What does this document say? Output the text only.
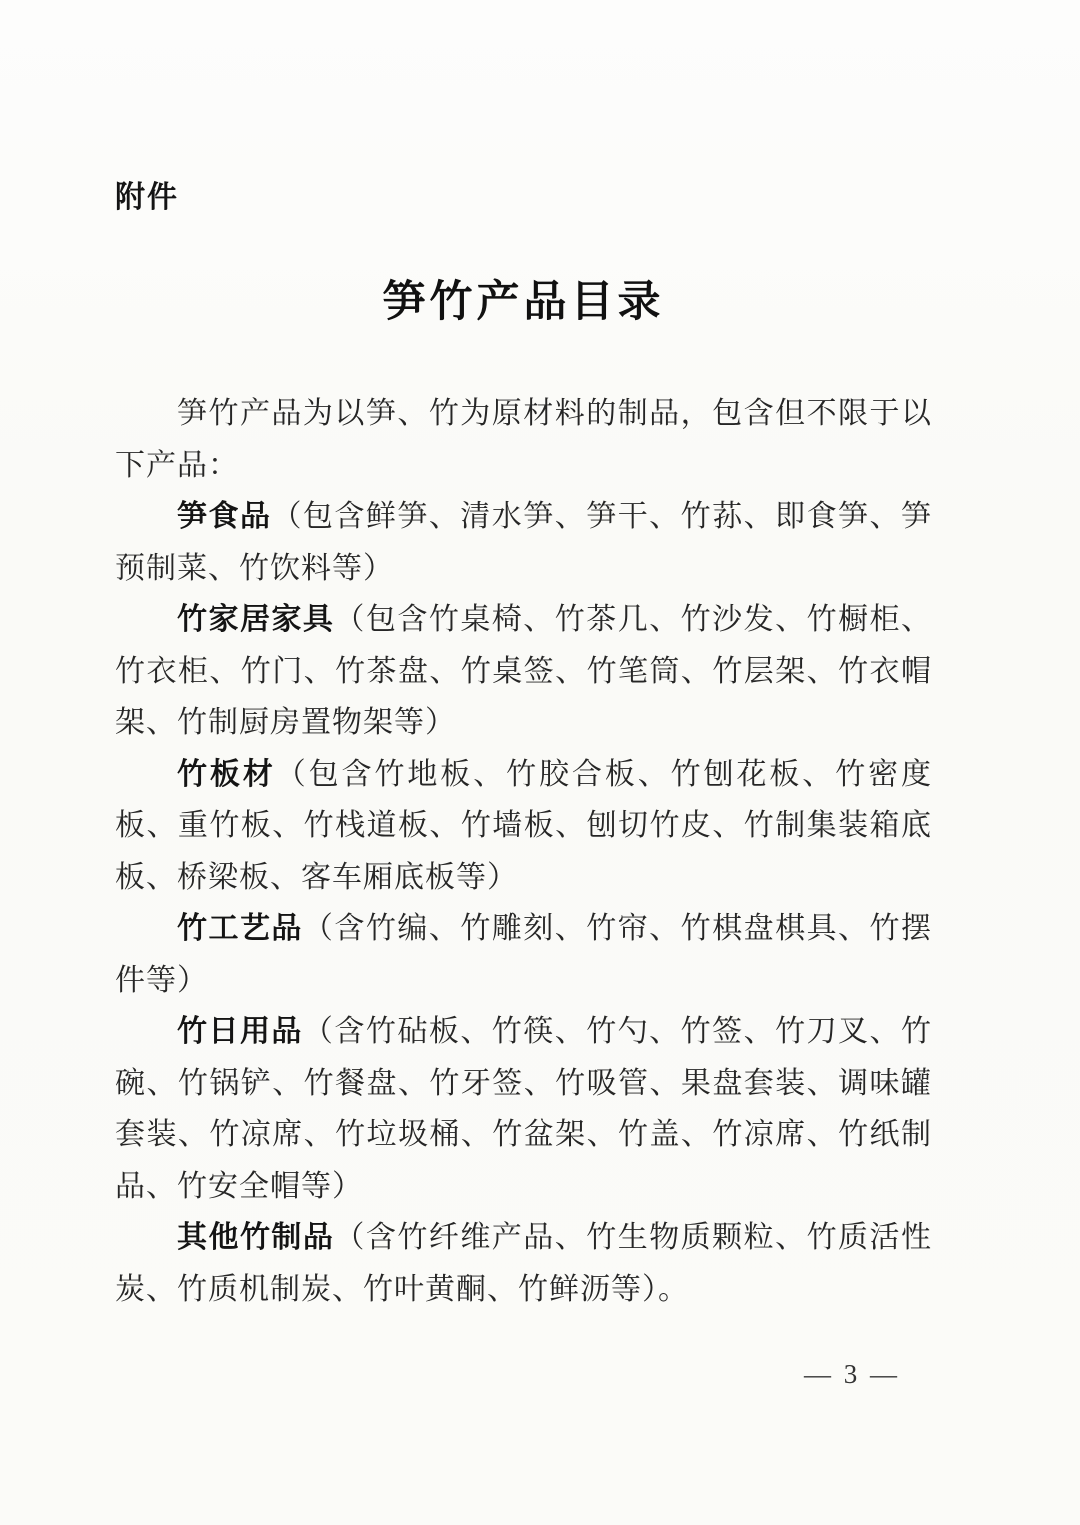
附件
笋竹产品目录

笋竹产品为以笋、竹为原材料的制品，包含但不限于以下产品：

笋食品（包含鲜笋、清水笋、笋干、竹荪、即食笋、笋预制菜、竹饮料等）

竹家居家具（包含竹桌椅、竹茶几、竹沙发、竹橱柜、竹衣柜、竹门、竹茶盘、竹桌签、竹笔筒、竹层架、竹衣帽架、竹制厨房置物架等）

竹板材（包含竹地板、竹胶合板、竹刨花板、竹密度板、重竹板、竹栈道板、竹墙板、刨切竹皮、竹制集装箱底板、桥梁板、客车厢底板等）

竹工艺品（含竹编、竹雕刻、竹帘、竹棋盘棋具、竹摆件等）

竹日用品（含竹砧板、竹筷、竹勺、竹签、竹刀叉、竹碗、竹锅铲、竹餐盘、竹牙签、竹吸管、果盘套装、调味罐套装、竹凉席、竹垃圾桶、竹盆架、竹盖、竹凉席、竹纸制品、竹安全帽等）

其他竹制品（含竹纤维产品、竹生物质颗粒、竹质活性炭、竹质机制炭、竹叶黄酮、竹鲜沥等）。

— 3 —
